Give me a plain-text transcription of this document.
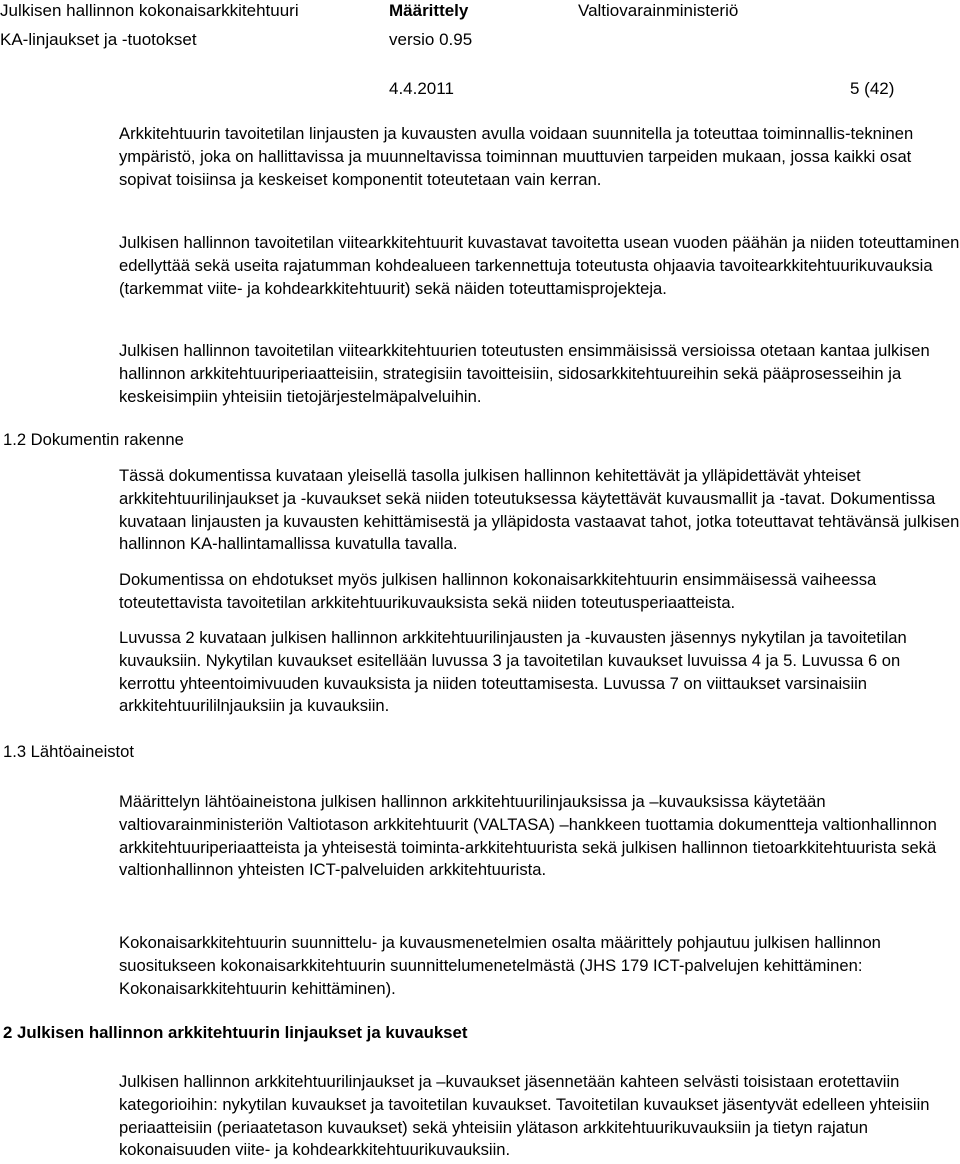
Julkisen hallinnon kokonaisarkkitehtuuri	Määrittely	Valtiovarainministeriö
KA-linjaukset ja -tuotokset	versio 0.95
4.4.2011	5 (42)

Arkkitehtuurin tavoitetilan linjausten ja kuvausten avulla voidaan suunnitella ja toteuttaa toiminnallis-tekninen ympäristö, joka on hallittavissa ja muunneltavissa toiminnan muuttuvien tarpeiden mukaan, jossa kaikki osat sopivat toisiinsa ja keskeiset komponentit toteutetaan vain kerran.

Julkisen hallinnon tavoitetilan viitearkkitehtuurit kuvastavat tavoitetta usean vuoden päähän ja niiden toteuttaminen edellyttää sekä useita rajatumman kohdealueen tarkennettuja toteutusta ohjaavia tavoitearkkitehtuurikuvauksia (tarkemmat viite- ja kohdearkkitehtuurit) sekä näiden toteuttamisprojekteja.

Julkisen hallinnon tavoitetilan viitearkkitehtuurien toteutusten ensimmäisissä versioissa otetaan kantaa julkisen hallinnon arkkitehtuuriperiaatteisiin, strategisiin tavoitteisiin, sidosarkkitehtuureihin sekä pääprosesseihin ja keskeisimpiin yhteisiin tietojärjestelmäpalveluihin.

1.2 Dokumentin rakenne

Tässä dokumentissa kuvataan yleisellä tasolla julkisen hallinnon kehitettävät ja ylläpidettävät yhteiset arkkitehtuurilinjaukset ja -kuvaukset sekä niiden toteutuksessa käytettävät kuvausmallit ja -tavat. Dokumentissa kuvataan linjausten ja kuvausten kehittämisestä ja ylläpidosta vastaavat tahot, jotka toteuttavat tehtävänsä julkisen hallinnon KA-hallintamallissa kuvatulla tavalla.

Dokumentissa on ehdotukset myös julkisen hallinnon kokonaisarkkitehtuurin ensimmäisessä vaiheessa toteutettavista tavoitetilan arkkitehtuurikuvauksista sekä niiden toteutusperiaatteista.

Luvussa 2 kuvataan julkisen hallinnon arkkitehtuurilinjausten ja -kuvausten jäsennys nykytilan ja tavoitetilan kuvauksiin. Nykytilan kuvaukset esitellään luvussa 3 ja tavoitetilan kuvaukset luvuissa 4 ja 5. Luvussa 6 on kerrottu yhteentoimivuuden kuvauksista ja niiden toteuttamisesta. Luvussa 7 on viittaukset varsinaisiin arkkitehtuurililnjauksiin ja kuvauksiin.

1.3 Lähtöaineistot

Määrittelyn lähtöaineistona julkisen hallinnon arkkitehtuurilinjauksissa ja –kuvauksissa käytetään valtiovarainministeriön Valtiotason arkkitehtuurit (VALTASA) –hankkeen tuottamia dokumentteja valtionhallinnon arkkitehtuuriperiaatteista ja yhteisestä toiminta-arkkitehtuurista sekä julkisen hallinnon tietoarkkitehtuurista sekä valtionhallinnon yhteisten ICT-palveluiden arkkitehtuurista.

Kokonaisarkkitehtuurin suunnittelu- ja kuvausmenetelmien osalta määrittely pohjautuu julkisen hallinnon suositukseen kokonaisarkkitehtuurin suunnittelumenetelmästä (JHS 179 ICT-palvelujen kehittäminen: Kokonaisarkkitehtuurin kehittäminen).

2 Julkisen hallinnon arkkitehtuurin linjaukset ja kuvaukset

Julkisen hallinnon arkkitehtuurilinjaukset ja –kuvaukset jäsennetään kahteen selvästi toisistaan erotettaviin kategorioihin: nykytilan kuvaukset ja tavoitetilan kuvaukset. Tavoitetilan kuvaukset jäsentyvät edelleen yhteisiin periaatteisiin (periaatetason kuvaukset) sekä yhteisiin ylätason arkkitehtuurikuvauksiin ja tietyn rajatun kokonaisuuden viite- ja kohdearkkitehtuurikuvauksiin.
